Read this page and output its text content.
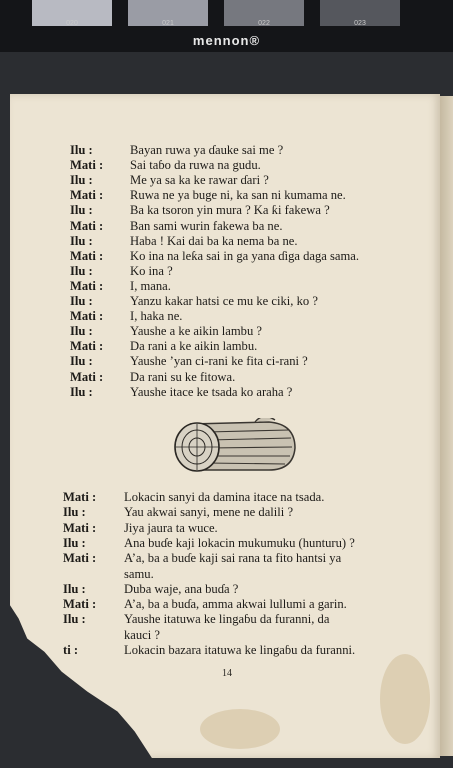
020	021	022	023
mennon®
Ilu :	Bayan ruwa ya ɗauke sai me ?
Mati : Sai taɓo da ruwa na gudu.
Ilu :	Me ya sa ka ke rawar ɗari ?
Mati : Ruwa ne ya buge ni, ka san ni kumama ne.
Ilu :	Ba ka tsoron yin mura ? Ka ƙi fakewa ?
Mati : Ban sami wurin fakewa ba ne.
Ilu :	Haba ! Kai dai ba ka nema ba ne.
Mati : Ko ina na leƙa sai in ga yana ɗiga daga sama.
Ilu :	Ko ina ?
Mati : I, mana.
Ilu :	Yanzu kakar hatsi ce mu ke ciki, ko ?
Mati : I, haka ne.
Ilu :	Yaushe a ke aikin lambu ?
Mati : Da rani a ke aikin lambu.
Ilu :	Yaushe ’yan ci-rani ke fita ci-rani ?
Mati : Da rani su ke fitowa.
Ilu :	Yaushe itace ke tsada ko araha ?
Mati : Lokacin sanyi da damina itace na tsada.
Ilu :	Yau akwai sanyi, mene ne dalili ?
Mati : Jiya jaura ta wuce.
Ilu :	Ana buɗe kaji lokacin mukumuku (hunturu) ?
Mati : A’a, ba a buɗe kaji sai rana ta fito hantsi ya
samu.
Ilu :	Duba waje, ana buɗa ?
Mati : A’a, ba a buɗa, amma akwai lullumi a garin.
Ilu :	Yaushe itatuwa ke lingaɓu da furanni, da
kauci ?
ti :	Lokacin bazara itatuwa ke lingaɓu da furanni.
14
